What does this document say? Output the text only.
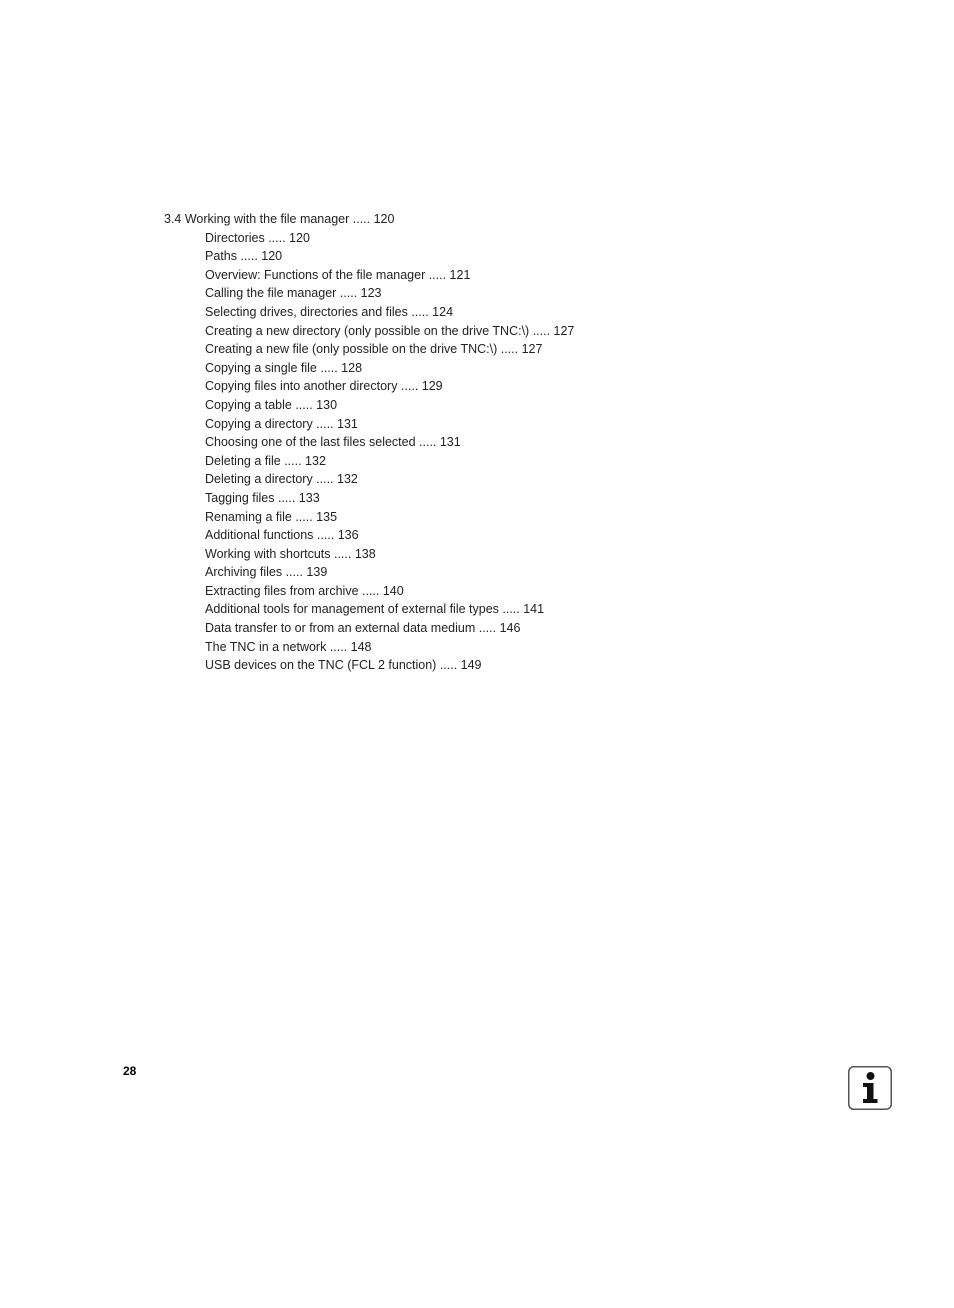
3.4 Working with the file manager ..... 120
Directories ..... 120
Paths ..... 120
Overview: Functions of the file manager ..... 121
Calling the file manager ..... 123
Selecting drives, directories and files ..... 124
Creating a new directory (only possible on the drive TNC:\) ..... 127
Creating a new file (only possible on the drive TNC:\) ..... 127
Copying a single file ..... 128
Copying files into another directory ..... 129
Copying a table ..... 130
Copying a directory ..... 131
Choosing one of the last files selected ..... 131
Deleting a file ..... 132
Deleting a directory ..... 132
Tagging files ..... 133
Renaming a file ..... 135
Additional functions ..... 136
Working with shortcuts ..... 138
Archiving files ..... 139
Extracting files from archive ..... 140
Additional tools for management of external file types ..... 141
Data transfer to or from an external data medium ..... 146
The TNC in a network ..... 148
USB devices on the TNC (FCL 2 function) ..... 149
28
